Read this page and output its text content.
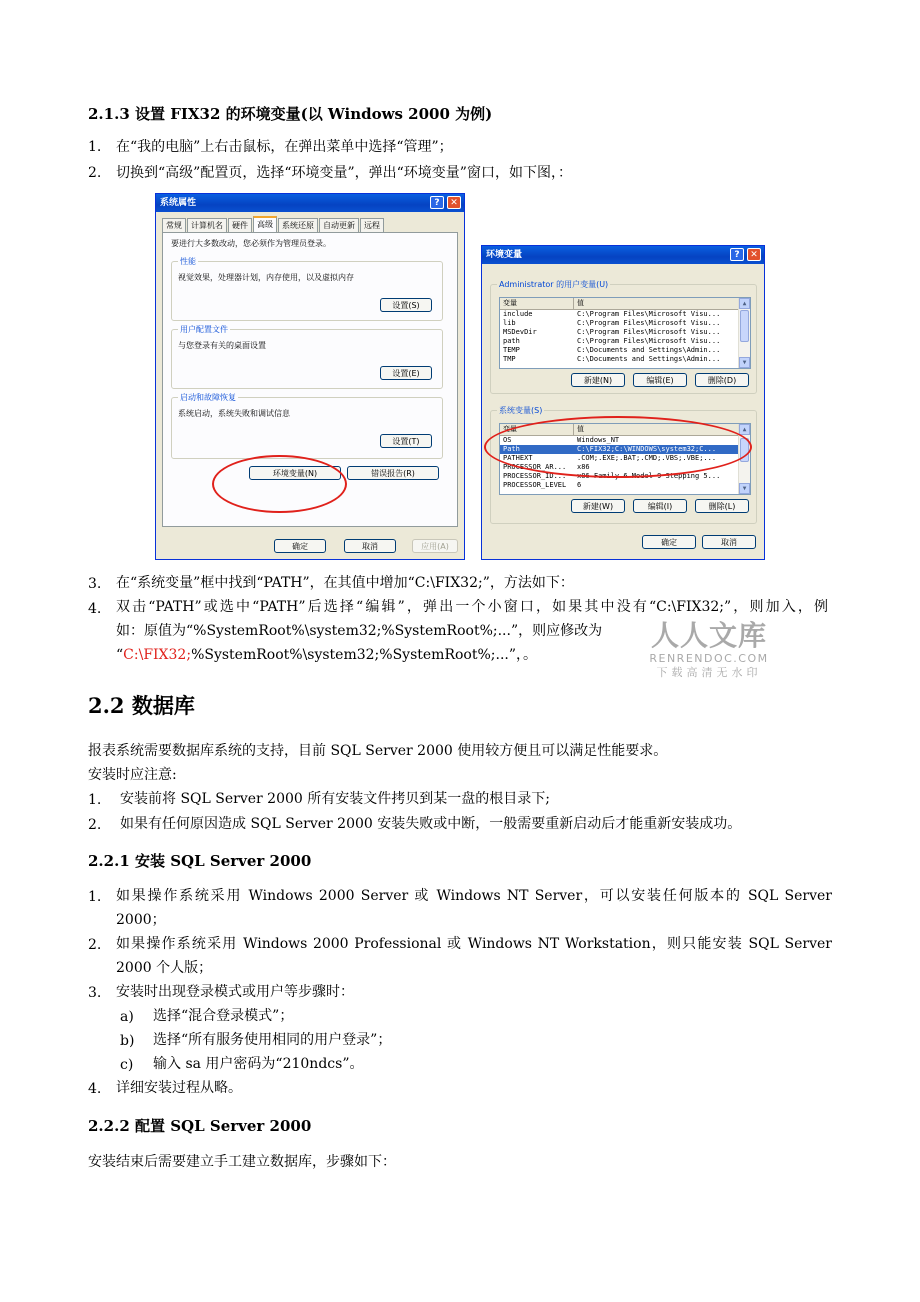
2.1.3 设置 FIX32 的环境变量(以 Windows 2000 为例)
1. 在“我的电脑”上右击鼠标，在弹出菜单中选择“管理”；
2. 切换到“高级”配置页，选择“环境变量”，弹出“环境变量”窗口，如下图，：
系统属性	?	✕
常规	计算机名	硬件	高级	系统还原	自动更新	远程
要进行大多数改动，您必须作为管理员登录。
性能
视觉效果，处理器计划，内存使用，以及虚拟内存
设置(S)
用户配置文件
与您登录有关的桌面设置
设置(E)
启动和故障恢复
系统启动，系统失败和调试信息
设置(T)
环境变量(N)	错误报告(R)
确定	取消	应用(A)
环境变量	?	✕
Administrator 的用户变量(U)
变量	值
include	C:\Program Files\Microsoft Visu...
lib	C:\Program Files\Microsoft Visu...
MSDevDir	C:\Program Files\Microsoft Visu...
path	C:\Program Files\Microsoft Visu...
TEMP	C:\Documents and Settings\Admin...
TMP	C:\Documents and Settings\Admin...
▲
▼
新建(N)	编辑(E)	删除(D)
系统变量(S)
变量	值
OS	Windows_NT
Path	C:\FIX32;C:\WINDOWS\system32;C...
PATHEXT	.COM;.EXE;.BAT;.CMD;.VBS;.VBE;...
PROCESSOR_AR...	x86
PROCESSOR_ID...	x86 Family 6 Model 9 Stepping 5...
PROCESSOR_LEVEL	6
▲
▼
新建(W)	编辑(I)	删除(L)
确定	取消
3. 在“系统变量”框中找到“PATH”，在其值中增加“C:\FIX32;”，方法如下：
4. 双击“PATH”或选中“PATH”后选择“编辑”，弹出一个小窗口，如果其中没有“C:\FIX32;”，则加入，例
如：原值为“%SystemRoot%\system32;%SystemRoot%;...”，则应修改为
“C:\FIX32;%SystemRoot%\system32;%SystemRoot%;...”，。
人人文库
RENRENDOC.COM
下载高清无水印
2.2 数据库
报表系统需要数据库系统的支持，目前 SQL Server 2000 使用较方便且可以满足性能要求。
安装时应注意:
1. 安装前将 SQL Server 2000 所有安装文件拷贝到某一盘的根目录下;
2. 如果有任何原因造成 SQL Server 2000 安装失败或中断，一般需要重新启动后才能重新安装成功。
2.2.1 安装 SQL Server 2000
1. 如果操作系统采用 Windows 2000 Server 或 Windows NT Server，可以安装任何版本的 SQL Server
2000；
2. 如果操作系统采用 Windows 2000 Professional 或 Windows NT Workstation，则只能安装 SQL Server
2000 个人版；
3. 安装时出现登录模式或用户等步骤时：
a) 选择“混合登录模式”；
b) 选择“所有服务使用相同的用户登录”；
c) 输入 sa 用户密码为“210ndcs”。
4. 详细安装过程从略。
2.2.2 配置 SQL Server 2000
安装结束后需要建立手工建立数据库，步骤如下：
